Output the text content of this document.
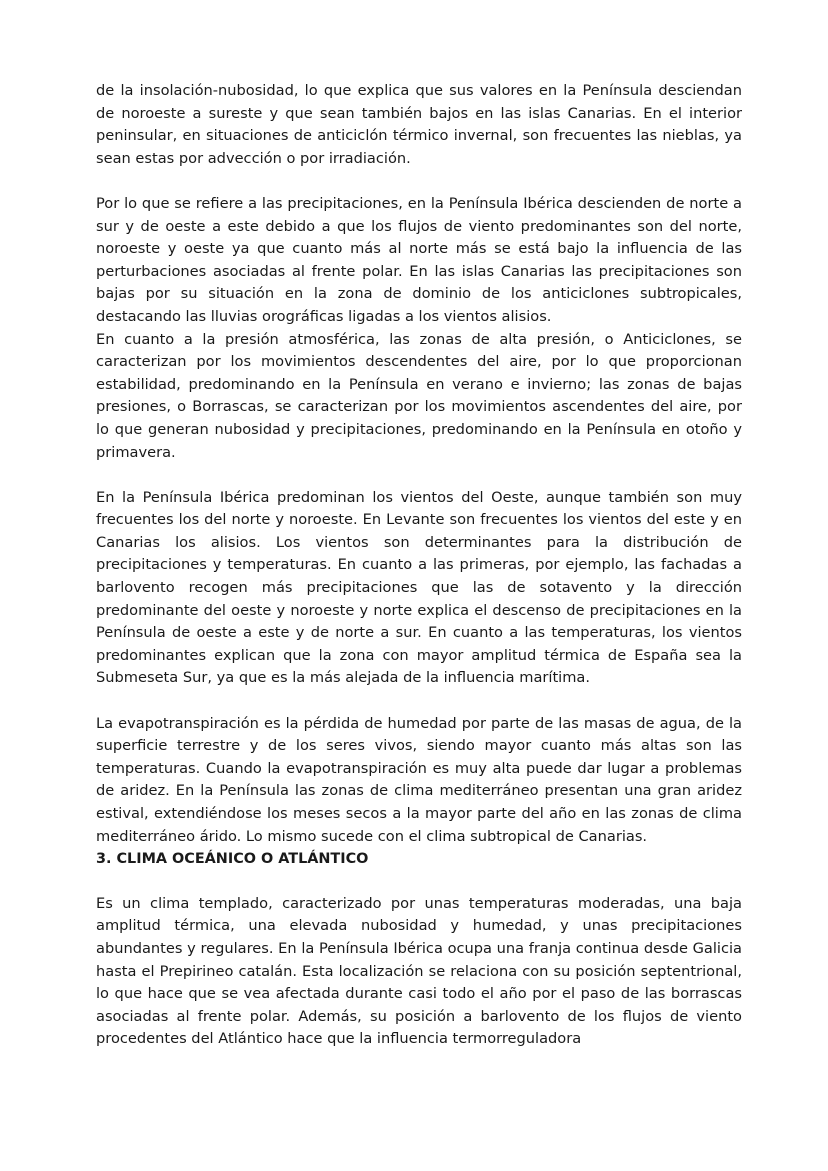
de la insolación-nubosidad, lo que explica que sus valores en la Península desciendan de noroeste a sureste y que sean también bajos en las islas Canarias. En el interior peninsular, en situaciones de anticiclón térmico invernal, son frecuentes las nieblas, ya sean estas por advección o por irradiación.

Por lo que se refiere a las precipitaciones, en la Península Ibérica descienden de norte a sur y de oeste a este debido a que los flujos de viento predominantes son del norte, noroeste y oeste ya que cuanto más al norte más se está bajo la influencia de las perturbaciones asociadas al frente polar. En las islas Canarias las precipitaciones son bajas por su situación en la zona de dominio de los anticiclones subtropicales, destacando las lluvias orográficas ligadas a los vientos alisios.

En cuanto a la presión atmosférica, las zonas de alta presión, o Anticiclones, se caracterizan por los movimientos descendentes del aire, por lo que proporcionan estabilidad, predominando en la Península en verano e invierno; las zonas de bajas presiones, o Borrascas, se caracterizan por los movimientos ascendentes del aire, por lo que generan nubosidad y precipitaciones, predominando en la Península en otoño y primavera.

En la Península Ibérica predominan los vientos del Oeste, aunque también son muy frecuentes los del norte y noroeste. En Levante son frecuentes los vientos del este y en Canarias los alisios. Los vientos son determinantes para la distribución de precipitaciones y temperaturas. En cuanto a las primeras, por ejemplo, las fachadas a barlovento recogen más precipitaciones que las de sotavento y la dirección predominante del oeste y noroeste y norte explica el descenso de precipitaciones en la Península de oeste a este y de norte a sur. En cuanto a las temperaturas, los vientos predominantes explican que la zona con mayor amplitud térmica de España sea la Submeseta Sur, ya que es la más alejada de la influencia marítima.

La evapotranspiración es la pérdida de humedad por parte de las masas de agua, de la superficie terrestre y de los seres vivos, siendo mayor cuanto más altas son las temperaturas. Cuando la evapotranspiración es muy alta puede dar lugar a problemas de aridez. En la Península las zonas de clima mediterráneo presentan una gran aridez estival, extendiéndose los meses secos a la mayor parte del año en las zonas de clima mediterráneo árido. Lo mismo sucede con el clima subtropical de Canarias.

3. CLIMA OCEÁNICO O ATLÁNTICO

Es un clima templado, caracterizado por unas temperaturas moderadas, una baja amplitud térmica, una elevada nubosidad y humedad, y unas precipitaciones abundantes y regulares. En la Península Ibérica ocupa una franja continua desde Galicia hasta el Prepirineo catalán. Esta localización se relaciona con su posición septentrional, lo que hace que se vea afectada durante casi todo el año por el paso de las borrascas asociadas al frente polar. Además, su posición a barlovento de los flujos de viento procedentes del Atlántico hace que la influencia termorreguladora
